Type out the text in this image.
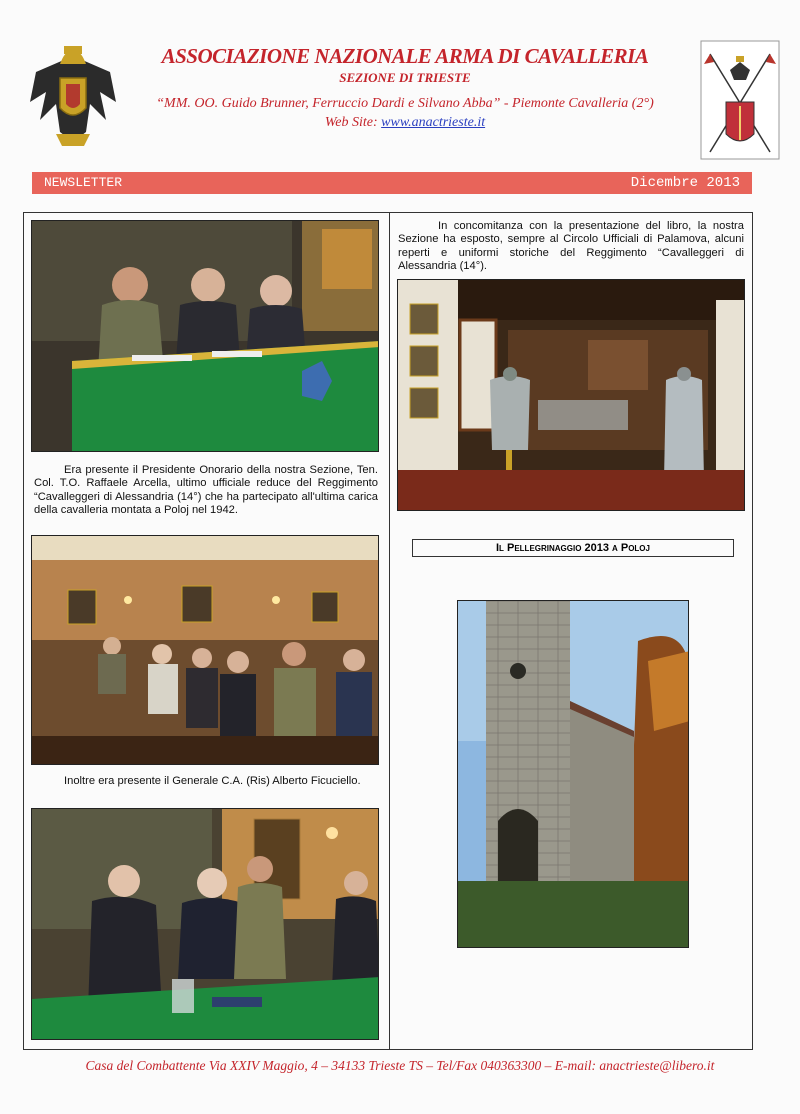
ASSOCIAZIONE NAZIONALE ARMA DI CAVALLERIA
SEZIONE DI TRIESTE
“MM. OO. Guido Brunner, Ferruccio Dardi e Silvano Abba” - Piemonte Cavalleria (2°)
Web Site: www.anactrieste.it
NEWSLETTER	Dicembre 2013
Era presente il Presidente Onorario della nostra Sezione, Ten. Col. T.O. Raffaele Arcella, ultimo ufficiale reduce del Reggimento “Cavalleggeri di Alessandria (14°) che ha partecipato all'ultima carica della cavalleria montata a Poloj nel 1942.
Inoltre era presente il Generale C.A. (Ris) Alberto Ficuciello.
In concomitanza con la presentazione del libro, la nostra Sezione ha esposto, sempre al Circolo Ufficiali di Palamova, alcuni reperti e uniformi storiche del Reggimento “Cavalleggeri di Alessandria (14°).
Il Pellegrinaggio 2013 a Poloj
Casa del Combattente Via XXIV Maggio, 4 – 34133 Trieste TS – Tel/Fax 040363300 – E-mail: anactrieste@libero.it
